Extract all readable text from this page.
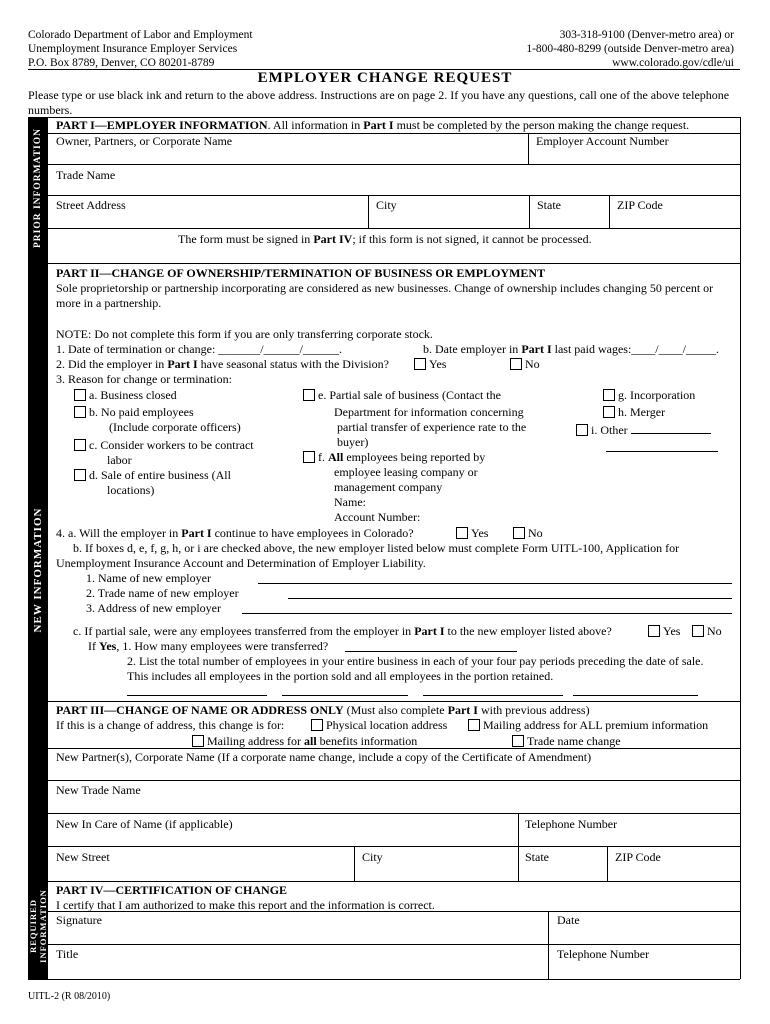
Colorado Department of Labor and Employment
Unemployment Insurance Employer Services
P.O. Box 8789, Denver, CO 80201-8789
303-318-9100 (Denver-metro area) or
1-800-480-8299 (outside Denver-metro area)
www.colorado.gov/cdle/ui
EMPLOYER CHANGE REQUEST
Please type or use black ink and return to the above address. Instructions are on page 2. If you have any questions, call one of the above telephone numbers.
PRIOR INFORMATION
NEW INFORMATION
REQUIRED INFORMATION
PART I—EMPLOYER INFORMATION. All information in Part I must be completed by the person making the change request.
Owner, Partners, or Corporate Name	Employer Account Number
Trade Name
Street Address	City	State	ZIP Code
The form must be signed in Part IV; if this form is not signed, it cannot be processed.
PART II—CHANGE OF OWNERSHIP/TERMINATION OF BUSINESS OR EMPLOYMENT
Sole proprietorship or partnership incorporating are considered as new businesses. Change of ownership includes changing 50 percent or more in a partnership.
NOTE: Do not complete this form if you are only transferring corporate stock.
1. Date of termination or change: _______/______/______.	b. Date employer in Part I last paid wages:____/____/_____.
2. Did the employer in Part I have seasonal status with the Division?	Yes	No
3. Reason for change or termination:
a. Business closed
b. No paid employees
(Include corporate officers)
c. Consider workers to be contract
labor
d. Sale of entire business (All
locations)
e. Partial sale of business (Contact the
Department for information concerning
partial transfer of experience rate to the
buyer)
f. All employees being reported by
employee leasing company or
management company
Name:
Account Number:
g. Incorporation
h. Merger
i. Other
4. a. Will the employer in Part I continue to have employees in Colorado?	Yes	No
b. If boxes d, e, f, g, h, or i are checked above, the new employer listed below must complete Form UITL-100, Application for
Unemployment Insurance Account and Determination of Employer Liability.
1. Name of new employer
2. Trade name of new employer
3. Address of new employer
c. If partial sale, were any employees transferred from the employer in Part I to the new employer listed above?	Yes	No
If Yes, 1. How many employees were transferred?
2. List the total number of employees in your entire business in each of your four pay periods preceding the date of sale.
This includes all employees in the portion sold and all employees in the portion retained.
PART III—CHANGE OF NAME OR ADDRESS ONLY (Must also complete Part I with previous address)
If this is a change of address, this change is for:	Physical location address	Mailing address for ALL premium information
Mailing address for all benefits information	Trade name change
New Partner(s), Corporate Name (If a corporate name change, include a copy of the Certificate of Amendment)
New Trade Name
New In Care of Name (if applicable)	Telephone Number
New Street	City	State	ZIP Code
PART IV—CERTIFICATION OF CHANGE
I certify that I am authorized to make this report and the information is correct.
Signature	Date
Title	Telephone Number
UITL-2 (R 08/2010)
